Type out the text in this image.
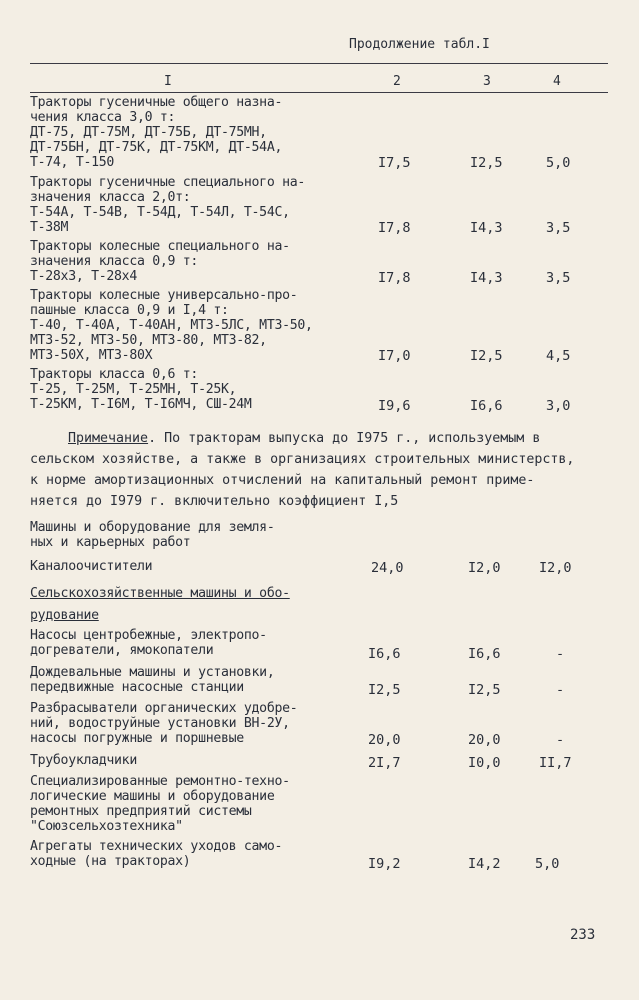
Продолжение табл.I
I	2	3	4
Тракторы гусеничные общего назна-
чения класса 3,0 т:
ДТ-75, ДТ-75М, ДТ-75Б, ДТ-75МН,
ДТ-75БН, ДТ-75К, ДТ-75КМ, ДТ-54А,
Т-74, Т-150	I7,5	I2,5	5,0
Тракторы гусеничные специального на-
значения класса 2,0т:
Т-54А, Т-54В, Т-54Д, Т-54Л, Т-54С,
Т-38М	I7,8	I4,3	3,5
Тракторы колесные специального на-
значения класса 0,9 т:
Т-28х3, Т-28х4	I7,8	I4,3	3,5
Тракторы колесные универсально-про-
пашные класса 0,9 и I,4 т:
Т-40, Т-40А, Т-40АН, МТЗ-5ЛС, МТЗ-50,
МТЗ-52, МТЗ-50, МТЗ-80, МТЗ-82,
МТЗ-50Х, МТЗ-80Х	I7,0	I2,5	4,5
Тракторы класса 0,6 т:
Т-25, Т-25М, Т-25МН, Т-25К,
Т-25КМ, Т-I6М, Т-I6МЧ, СШ-24М	I9,6	I6,6	3,0
Примечание. По тракторам выпуска до I975 г., используемым в
сельском хозяйстве, а также в организациях строительных министерств,
к норме амортизационных отчислений на капитальный ремонт приме-
няется до I979 г. включительно коэффициент I,5
Машины и оборудование для земля-
ных и карьерных работ
Каналоочистители	24,0	I2,0	I2,0
Сельскохозяйственные машины и обо-
рудование
Насосы центробежные, электропо-
догреватели, ямокопатели	I6,6	I6,6	-
Дождевальные машины и установки,
передвижные насосные станции	I2,5	I2,5	-
Разбрасыватели органических удобре-
ний, водоструйные установки ВН-2У,
насосы погружные и поршневые	20,0	20,0	-
Трубоукладчики	2I,7	I0,0	II,7
Специализированные ремонтно-техно-
логические машины и оборудование
ремонтных предприятий системы
"Союзсельхозтехника"
Агрегаты технических уходов само-
ходные (на тракторах)	I9,2	I4,2	5,0
233
